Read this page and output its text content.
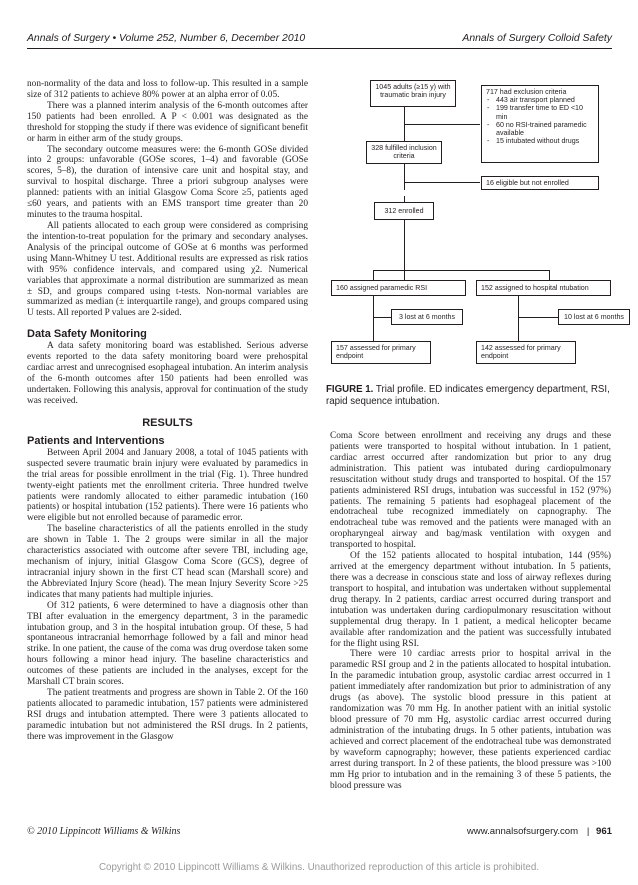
Annals of Surgery • Volume 252, Number 6, December 2010	Annals of Surgery Colloid Safety

non-normality of the data and loss to follow-up. This resulted in a sample size of 312 patients to achieve 80% power at an alpha error of 0.05.

There was a planned interim analysis of the 6-month outcomes after 150 patients had been enrolled. A P < 0.001 was designated as the threshold for stopping the study if there was evidence of significant benefit or harm in either arm of the study groups.

The secondary outcome measures were: the 6-month GOSe divided into 2 groups: unfavorable (GOSe scores, 1–4) and favorable (GOSe scores, 5–8), the duration of intensive care unit and hospital stay, and survival to hospital discharge. Three a priori subgroup analyses were planned: patients with an initial Glasgow Coma Score ≥5, patients aged ≤60 years, and patients with an EMS transport time greater than 20 minutes to the trauma hospital.

All patients allocated to each group were considered as comprising the intention-to-treat population for the primary and secondary analyses. Analysis of the principal outcome of GOSe at 6 months was performed using Mann-Whitney U test. Additional results are expressed as risk ratios with 95% confidence intervals, and compared using χ2. Numerical variables that approximate a normal distribution are summarized as mean ± SD, and groups compared using t-tests. Non-normal variables are summarized as median (± interquartile range), and groups compared using U tests. All reported P values are 2-sided.

Data Safety Monitoring

A data safety monitoring board was established. Serious adverse events reported to the data safety monitoring board were prehospital cardiac arrest and unrecognised esophageal intubation. An interim analysis of the 6-month outcomes after 150 patients had been enrolled was undertaken. Following this analysis, approval for continuation of the study was received.

RESULTS
Patients and Interventions

Between April 2004 and January 2008, a total of 1045 patients with suspected severe traumatic brain injury were evaluated by paramedics in the trial areas for possible enrollment in the trial (Fig. 1). Three hundred twenty-eight patients met the enrollment criteria. Three hundred twelve patients were randomly allocated to either paramedic intubation (160 patients) or hospital intubation (152 patients). There were 16 patients who were eligible but not enrolled because of paramedic error.

The baseline characteristics of all the patients enrolled in the study are shown in Table 1. The 2 groups were similar in all the major characteristics associated with outcome after severe TBI, including age, mechanism of injury, initial Glasgow Coma Score (GCS), degree of intracranial injury shown in the first CT head scan (Marshall score) and the Abbreviated Injury Score (head). The mean Injury Severity Score >25 indicates that many patients had multiple injuries.

Of 312 patients, 6 were determined to have a diagnosis other than TBI after evaluation in the emergency department, 3 in the paramedic intubation group, and 3 in the hospital intubation group. Of these, 5 had spontaneous intracranial hemorrhage followed by a fall and minor head strike. In one patient, the cause of the coma was drug overdose taken some hours following a minor head injury. The baseline characteristics and outcomes of these patients are included in the analyses, except for the Marshall CT brain scores.

The patient treatments and progress are shown in Table 2. Of the 160 patients allocated to paramedic intubation, 157 patients were administered RSI drugs and intubation attempted. There were 3 patients allocated to paramedic intubation but not administered the RSI drugs. In 2 patients, there was improvement in the Glasgow

1045 adults (≥15 y) with traumatic brain injury	717 had exclusion criteria
- 443 air transport planned
- 199 transfer time to ED <10 min
- 60 no RSI-trained paramedic available
- 15 intubated without drugs
328 fulfilled inclusion criteria
16 eligible but not enrolled
312 enrolled
160 assigned paramedic RSI	152 assigned to hospital ntubation
3 lost at 6 months	10 lost at 6 months
157 assessed for primary endpoint
142 assessed for primary endpoint
FIGURE 1. Trial profile. ED indicates emergency department, RSI, rapid sequence intubation.

Coma Score between enrollment and receiving any drugs and these patients were transported to hospital without intubation. In 1 patient, cardiac arrest occurred after randomization but prior to any drug administration. This patient was intubated during cardiopulmonary resuscitation without study drugs and transported to hospital. Of the 157 patients administered RSI drugs, intubation was successful in 152 (97%) patients. The remaining 5 patients had esophageal placement of the endotracheal tube recognized immediately on capnography. The endotracheal tube was removed and the patients were managed with an oropharyngeal airway and bag/mask ventilation with oxygen and transported to hospital.

Of the 152 patients allocated to hospital intubation, 144 (95%) arrived at the emergency department without intubation. In 5 patients, there was a decrease in conscious state and loss of airway reflexes during transport to hospital, and intubation was undertaken without supplemental drug therapy. In 2 patients, cardiac arrest occurred during transport and intubation was undertaken during cardiopulmonary resuscitation without supplemental drug therapy. In 1 patient, a medical helicopter became available after randomization and the patient was successfully intubated for the flight using RSI.

There were 10 cardiac arrests prior to hospital arrival in the paramedic RSI group and 2 in the patients allocated to hospital intubation. In the paramedic intubation group, asystolic cardiac arrest occurred in 1 patient immediately after randomization but prior to administration of any drugs (as above). The systolic blood pressure in this patient at randomization was 70 mm Hg. In another patient with an initial systolic blood pressure of 70 mm Hg, asystolic cardiac arrest occurred during administration of the intubating drugs. In 5 other patients, intubation was achieved and correct placement of the endotracheal tube was demonstrated by waveform capnography; however, these patients experienced cardiac arrest during transport. In 2 of these patients, the blood pressure was >100 mm Hg prior to intubation and in the remaining 3 of these 5 patients, the blood pressure was

© 2010 Lippincott Williams & Wilkins	www.annalsofsurgery.com | 961
Copyright © 2010 Lippincott Williams & Wilkins. Unauthorized reproduction of this article is prohibited.
